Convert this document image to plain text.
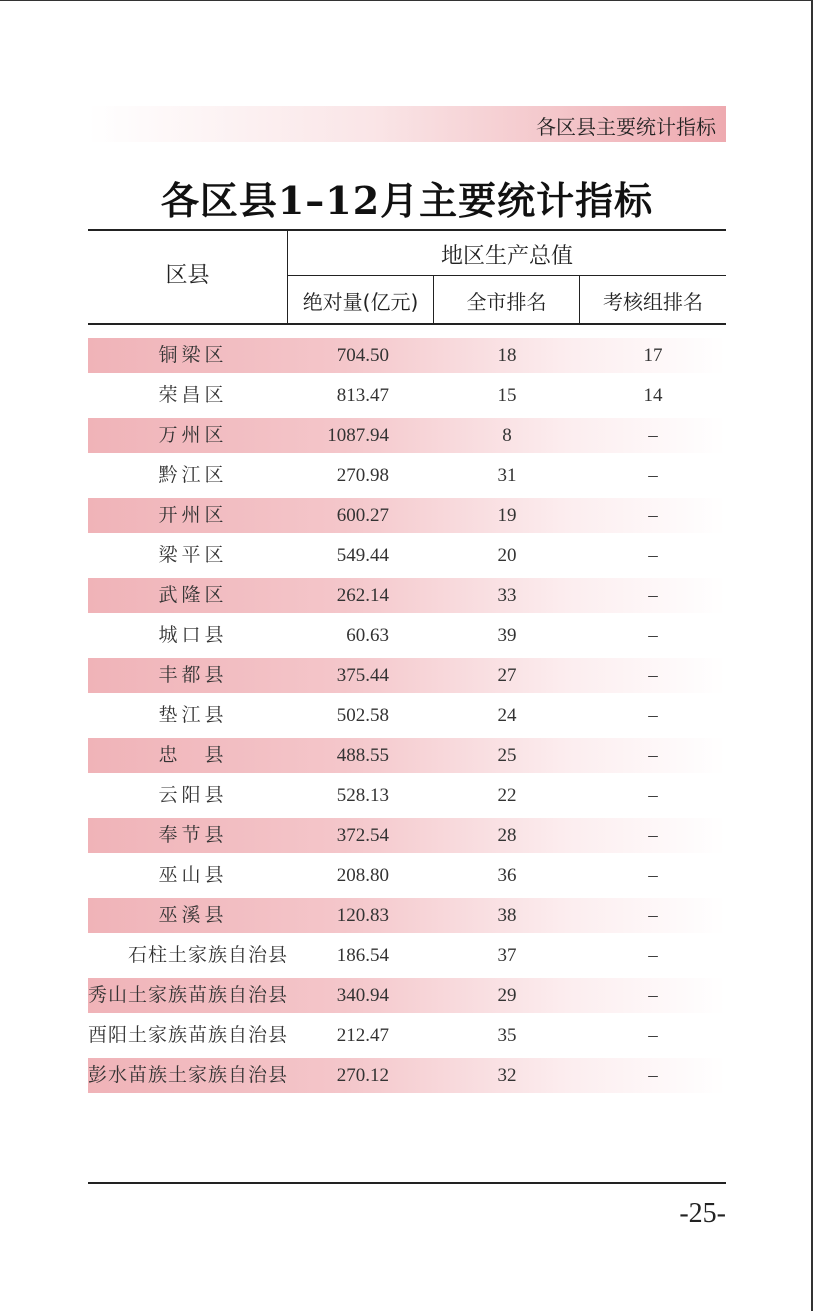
各区县主要统计指标
各区县1–12月主要统计指标
区县
地区生产总值
绝对量(亿元)	全市排名	考核组排名
铜梁区	704.50	18	17
荣昌区	813.47	15	14
万州区	1087.94	8	–
黔江区	270.98	31	–
开州区	600.27	19	–
梁平区	549.44	20	–
武隆区	262.14	33	–
城口县	60.63	39	–
丰都县	375.44	27	–
垫江县	502.58	24	–
忠　县	488.55	25	–
云阳县	528.13	22	–
奉节县	372.54	28	–
巫山县	208.80	36	–
巫溪县	120.83	38	–
石柱土家族自治县	186.54	37	–
秀山土家族苗族自治县	340.94	29	–
酉阳土家族苗族自治县	212.47	35	–
彭水苗族土家族自治县	270.12	32	–
-25-
